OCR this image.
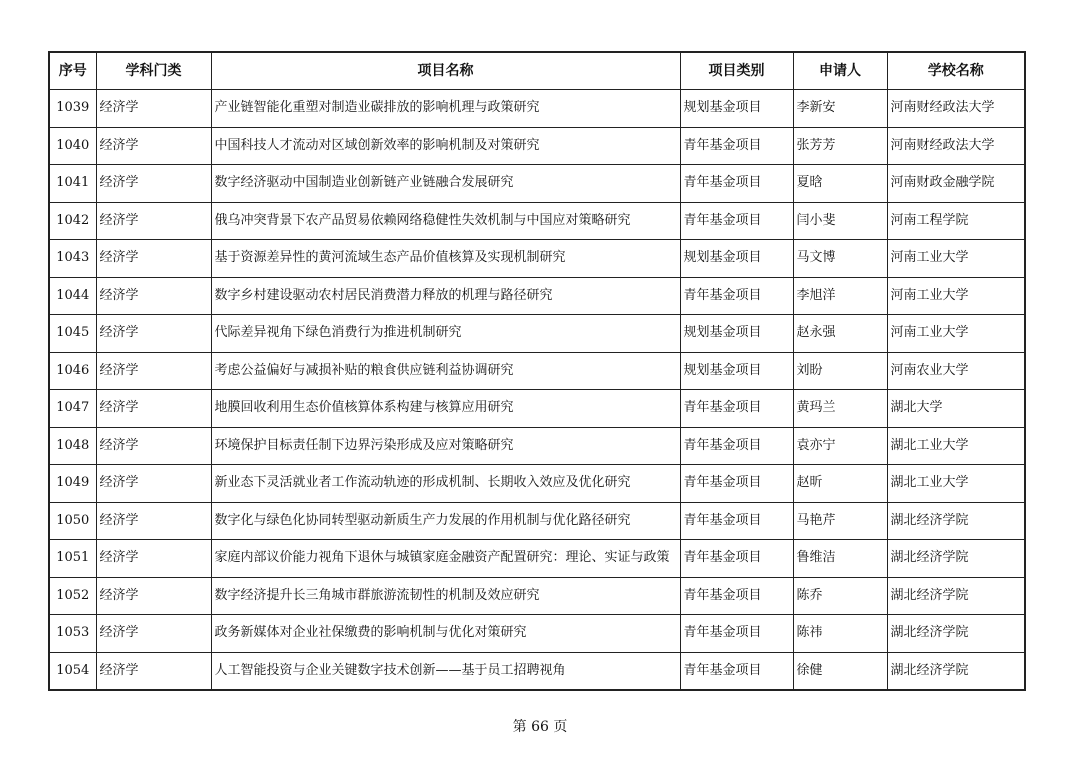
序号	学科门类	项目名称	项目类别	申请人	学校名称
1039	经济学	产业链智能化重塑对制造业碳排放的影响机理与政策研究	规划基金项目	李新安	河南财经政法大学
1040	经济学	中国科技人才流动对区域创新效率的影响机制及对策研究	青年基金项目	张芳芳	河南财经政法大学
1041	经济学	数字经济驱动中国制造业创新链产业链融合发展研究	青年基金项目	夏晗	河南财政金融学院
1042	经济学	俄乌冲突背景下农产品贸易依赖网络稳健性失效机制与中国应对策略研究	青年基金项目	闫小斐	河南工程学院
1043	经济学	基于资源差异性的黄河流域生态产品价值核算及实现机制研究	规划基金项目	马文博	河南工业大学
1044	经济学	数字乡村建设驱动农村居民消费潜力释放的机理与路径研究	青年基金项目	李旭洋	河南工业大学
1045	经济学	代际差异视角下绿色消费行为推进机制研究	规划基金项目	赵永强	河南工业大学
1046	经济学	考虑公益偏好与减损补贴的粮食供应链利益协调研究	规划基金项目	刘盼	河南农业大学
1047	经济学	地膜回收利用生态价值核算体系构建与核算应用研究	青年基金项目	黄玛兰	湖北大学
1048	经济学	环境保护目标责任制下边界污染形成及应对策略研究	青年基金项目	袁亦宁	湖北工业大学
1049	经济学	新业态下灵活就业者工作流动轨迹的形成机制、长期收入效应及优化研究	青年基金项目	赵昕	湖北工业大学
1050	经济学	数字化与绿色化协同转型驱动新质生产力发展的作用机制与优化路径研究	青年基金项目	马艳芹	湖北经济学院
1051	经济学	家庭内部议价能力视角下退休与城镇家庭金融资产配置研究：理论、实证与政策	青年基金项目	鲁维洁	湖北经济学院
1052	经济学	数字经济提升长三角城市群旅游流韧性的机制及效应研究	青年基金项目	陈乔	湖北经济学院
1053	经济学	政务新媒体对企业社保缴费的影响机制与优化对策研究	青年基金项目	陈祎	湖北经济学院
1054	经济学	人工智能投资与企业关键数字技术创新——基于员工招聘视角	青年基金项目	徐健	湖北经济学院
第 66 页
